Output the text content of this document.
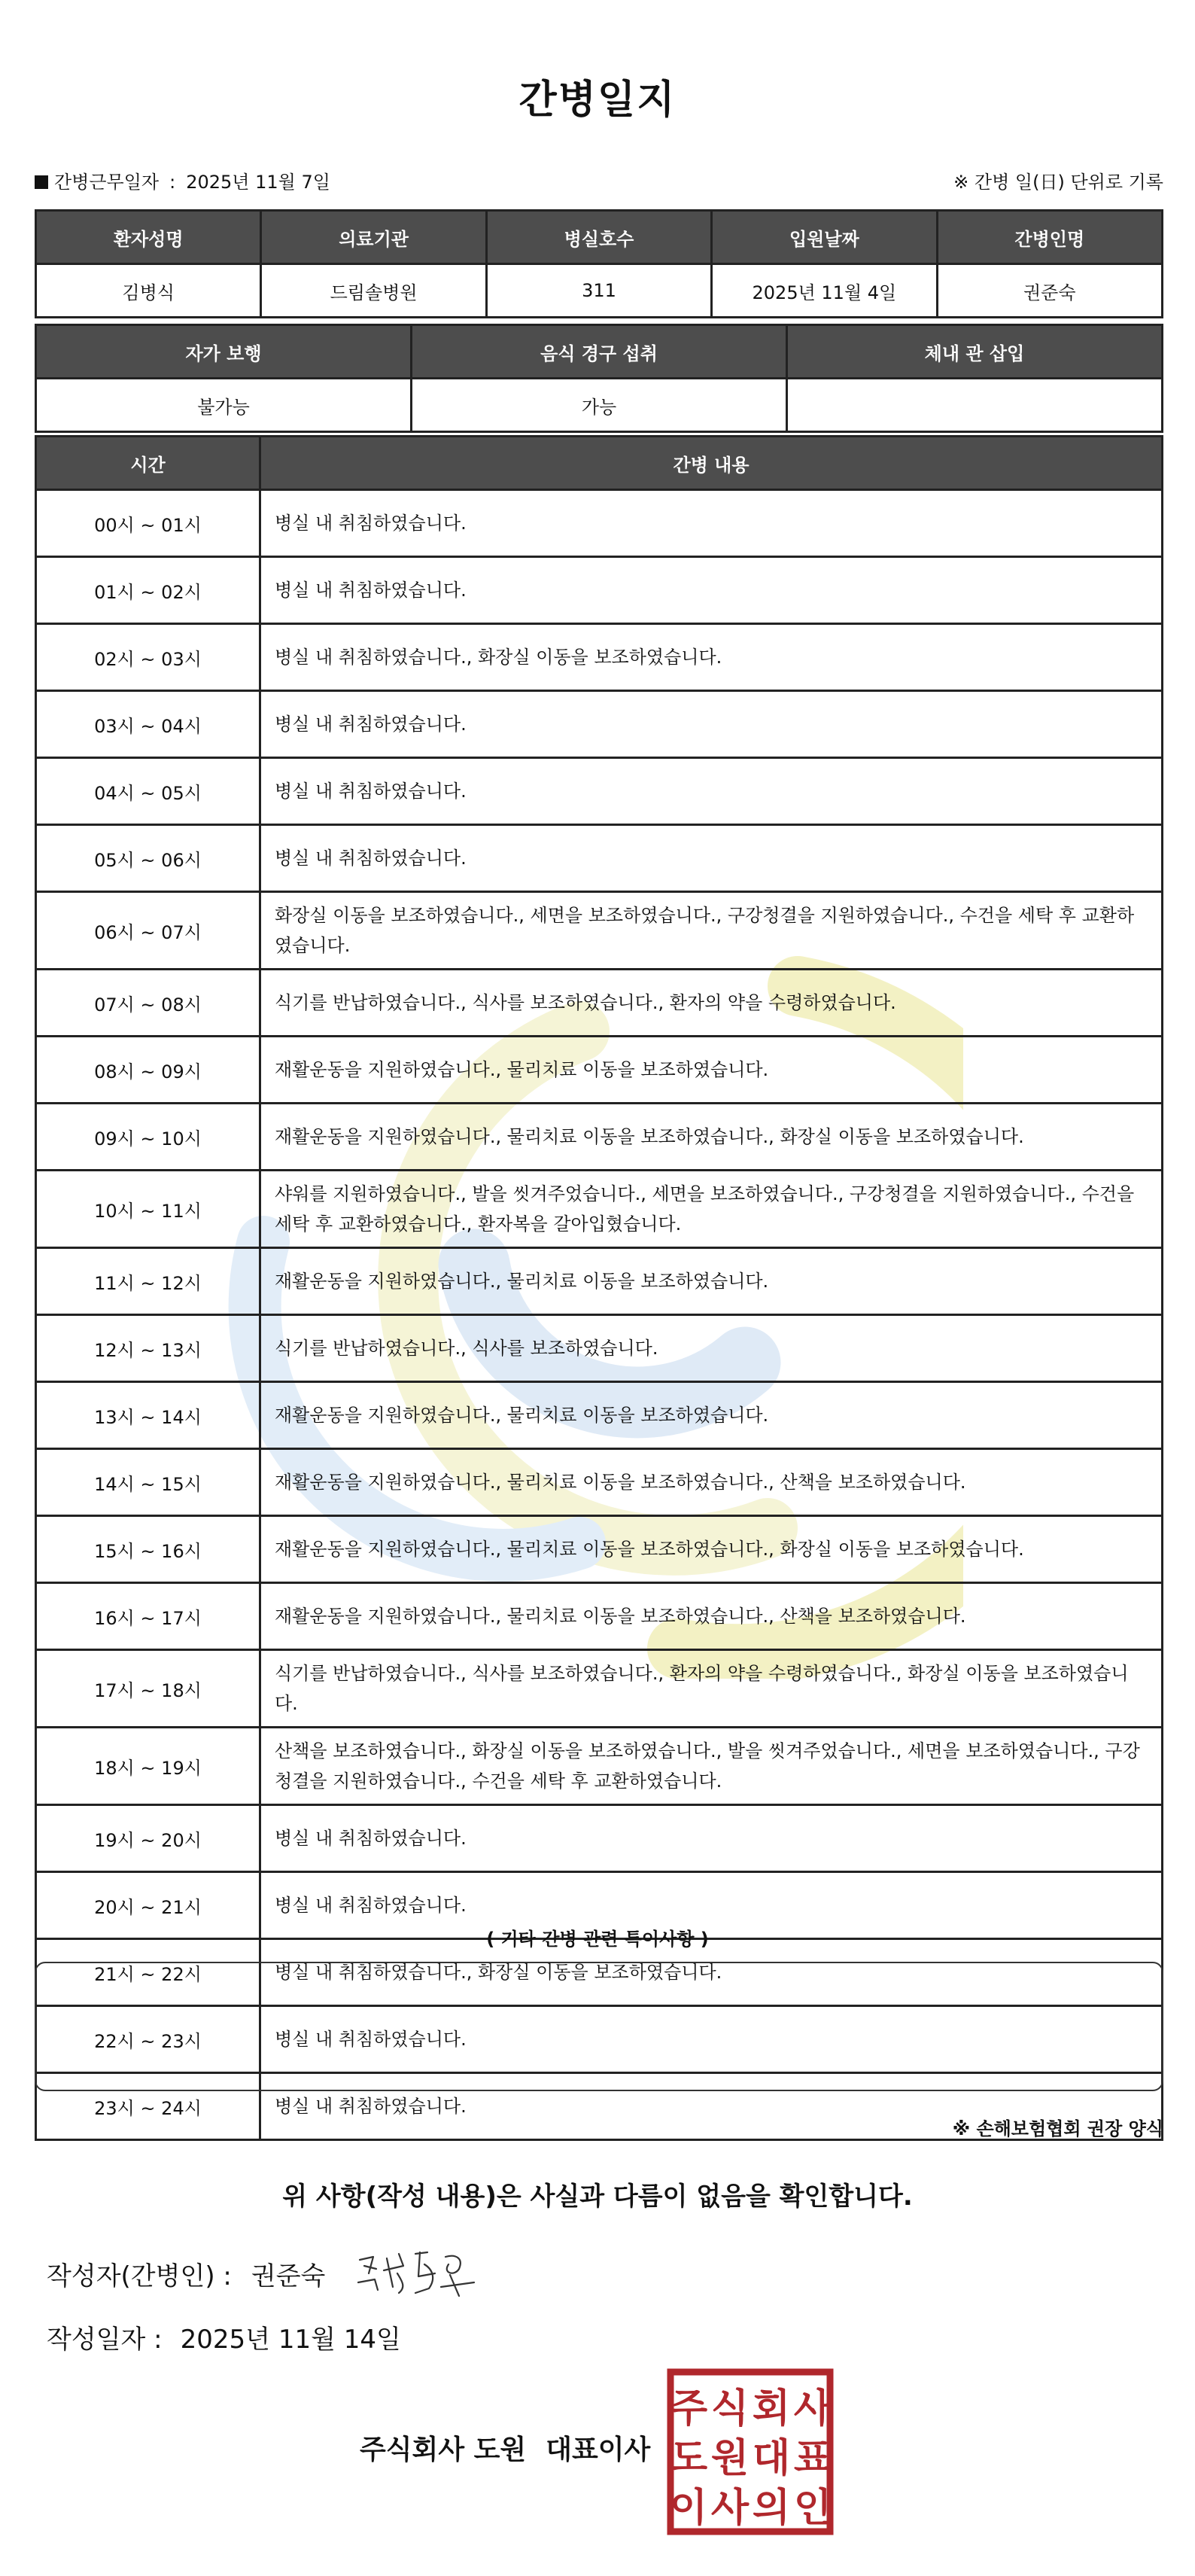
간병일지
간병근무일자 : 2025년 11월 7일	※ 간병 일(日) 단위로 기록
환자성명	의료기관	병실호수	입원날짜	간병인명
김병식	드림솔병원	311	2025년 11월 4일	권준숙
자가 보행	음식 경구 섭취	체내 관 삽입
불가능	가능	
시간	간병 내용
00시 ~ 01시	병실 내 취침하였습니다.
01시 ~ 02시	병실 내 취침하였습니다.
02시 ~ 03시	병실 내 취침하였습니다., 화장실 이동을 보조하였습니다.
03시 ~ 04시	병실 내 취침하였습니다.
04시 ~ 05시	병실 내 취침하였습니다.
05시 ~ 06시	병실 내 취침하였습니다.
06시 ~ 07시	화장실 이동을 보조하였습니다., 세면을 보조하였습니다., 구강청결을 지원하였습니다., 수건을 세탁 후 교환하였습니다.
07시 ~ 08시	식기를 반납하였습니다., 식사를 보조하였습니다., 환자의 약을 수령하였습니다.
08시 ~ 09시	재활운동을 지원하였습니다., 물리치료 이동을 보조하였습니다.
09시 ~ 10시	재활운동을 지원하였습니다., 물리치료 이동을 보조하였습니다., 화장실 이동을 보조하였습니다.
10시 ~ 11시	샤워를 지원하였습니다., 발을 씻겨주었습니다., 세면을 보조하였습니다., 구강청결을 지원하였습니다., 수건을 세탁 후 교환하였습니다., 환자복을 갈아입혔습니다.
11시 ~ 12시	재활운동을 지원하였습니다., 물리치료 이동을 보조하였습니다.
12시 ~ 13시	식기를 반납하였습니다., 식사를 보조하였습니다.
13시 ~ 14시	재활운동을 지원하였습니다., 물리치료 이동을 보조하였습니다.
14시 ~ 15시	재활운동을 지원하였습니다., 물리치료 이동을 보조하였습니다., 산책을 보조하였습니다.
15시 ~ 16시	재활운동을 지원하였습니다., 물리치료 이동을 보조하였습니다., 화장실 이동을 보조하였습니다.
16시 ~ 17시	재활운동을 지원하였습니다., 물리치료 이동을 보조하였습니다., 산책을 보조하였습니다.
17시 ~ 18시	식기를 반납하였습니다., 식사를 보조하였습니다., 환자의 약을 수령하였습니다., 화장실 이동을 보조하였습니다.
18시 ~ 19시	산책을 보조하였습니다., 화장실 이동을 보조하였습니다., 발을 씻겨주었습니다., 세면을 보조하였습니다., 구강청결을 지원하였습니다., 수건을 세탁 후 교환하였습니다.
19시 ~ 20시	병실 내 취침하였습니다.
20시 ~ 21시	병실 내 취침하였습니다.
21시 ~ 22시	병실 내 취침하였습니다., 화장실 이동을 보조하였습니다.
22시 ~ 23시	병실 내 취침하였습니다.
23시 ~ 24시	병실 내 취침하였습니다.
( 기타 간병 관련 특이사항 )
※ 손해보험협회 권장 양식
위 사항(작성 내용)은 사실과 다름이 없음을 확인합니다.
작성자(간병인) : 권준숙
작성일자 : 2025년 11월 14일
주식회사 도원 대표이사
주 식 회 사
도 원 대 표
이 사 의 인
